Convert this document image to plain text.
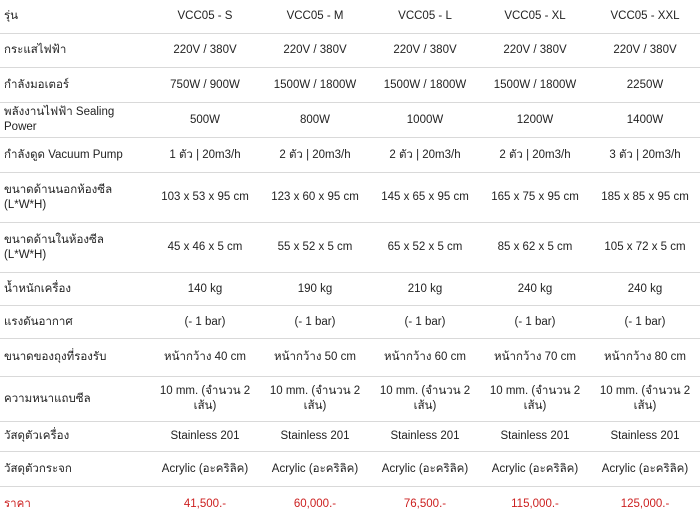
รุ่น	VCC05 - S	VCC05 - M	VCC05 - L	VCC05 - XL	VCC05 - XXL
กระแสไฟฟ้า	220V / 380V	220V / 380V	220V / 380V	220V / 380V	220V / 380V
กำลังมอเตอร์	750W / 900W	1500W / 1800W	1500W / 1800W	1500W / 1800W	2250W
พลังงานไฟฟ้า Sealing Power	500W	800W	1000W	1200W	1400W
กำลังดูด Vacuum Pump	1 ตัว | 20m3/h	2 ตัว | 20m3/h	2 ตัว | 20m3/h	2 ตัว | 20m3/h	3 ตัว | 20m3/h
ขนาดด้านนอกห้องซีล (L*W*H)	103 x 53 x 95 cm	123 x 60 x 95 cm	145 x 65 x 95 cm	165 x 75 x 95 cm	185 x 85 x 95 cm
ขนาดด้านในห้องซีล (L*W*H)	45 x 46 x 5 cm	55 x 52 x 5 cm	65 x 52 x 5 cm	85 x 62 x 5 cm	105 x 72 x 5 cm
น้ำหนักเครื่อง	140 kg	190 kg	210 kg	240 kg	240 kg
แรงดันอากาศ	(- 1 bar)	(- 1 bar)	(- 1 bar)	(- 1 bar)	(- 1 bar)
ขนาดของถุงที่รองรับ	หน้ากว้าง 40 cm	หน้ากว้าง 50 cm	หน้ากว้าง 60 cm	หน้ากว้าง 70 cm	หน้ากว้าง 80 cm
ความหนาแถบซีล	10 mm. (จำนวน 2 เส้น)	10 mm. (จำนวน 2 เส้น)	10 mm. (จำนวน 2 เส้น)	10 mm. (จำนวน 2 เส้น)	10 mm. (จำนวน 2 เส้น)
วัสดุตัวเครื่อง	Stainless 201	Stainless 201	Stainless 201	Stainless 201	Stainless 201
วัสดุตัวกระจก	Acrylic (อะคริลิค)	Acrylic (อะคริลิค)	Acrylic (อะคริลิค)	Acrylic (อะคริลิค)	Acrylic (อะคริลิค)
ราคา	41,500.-	60,000.-	76,500.-	115,000.-	125,000.-
